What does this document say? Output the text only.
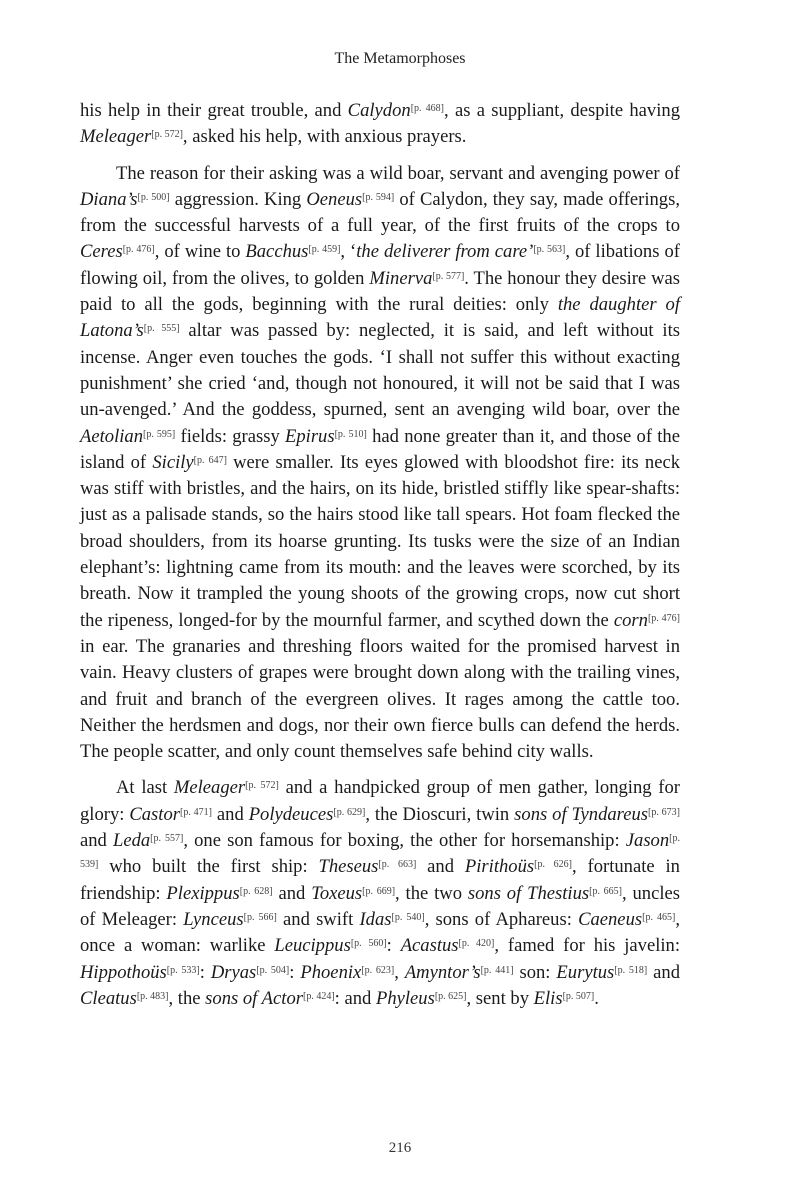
The Metamorphoses

his help in their great trouble, and Calydon[p. 468], as a suppliant, despite having Meleager[p. 572], asked his help, with anxious prayers.

The reason for their asking was a wild boar, servant and avenging power of Diana’s[p. 500] aggression. King Oeneus[p. 594] of Calydon, they say, made offerings, from the successful harvests of a full year, of the first fruits of the crops to Ceres[p. 476], of wine to Bacchus[p. 459], ‘the deliverer from care’[p. 563], of libations of flowing oil, from the olives, to golden Minerva[p. 577]. The honour they desire was paid to all the gods, beginning with the rural deities: only the daughter of Latona’s[p. 555] altar was passed by: neglected, it is said, and left without its incense. Anger even touches the gods. ‘I shall not suffer this without exacting punishment’ she cried ‘and, though not honoured, it will not be said that I was un-avenged.’ And the goddess, spurned, sent an avenging wild boar, over the Aetolian[p. 595] fields: grassy Epirus[p. 510] had none greater than it, and those of the island of Sicily[p. 647] were smaller. Its eyes glowed with bloodshot fire: its neck was stiff with bristles, and the hairs, on its hide, bristled stiffly like spear-shafts: just as a palisade stands, so the hairs stood like tall spears. Hot foam flecked the broad shoulders, from its hoarse grunting. Its tusks were the size of an Indian elephant’s: lightning came from its mouth: and the leaves were scorched, by its breath. Now it trampled the young shoots of the growing crops, now cut short the ripeness, longed-for by the mournful farmer, and scythed down the corn[p. 476] in ear. The granaries and threshing floors waited for the promised harvest in vain. Heavy clusters of grapes were brought down along with the trailing vines, and fruit and branch of the evergreen olives. It rages among the cattle too. Neither the herdsmen and dogs, nor their own fierce bulls can defend the herds. The people scatter, and only count themselves safe behind city walls.

At last Meleager[p. 572] and a handpicked group of men gather, longing for glory: Castor[p. 471] and Polydeuces[p. 629], the Dioscuri, twin sons of Tyndareus[p. 673] and Leda[p. 557], one son famous for boxing, the other for horsemanship: Jason[p. 539] who built the first ship: Theseus[p. 663] and Pirithoüs[p. 626], fortunate in friendship: Plexippus[p. 628] and Toxeus[p. 669], the two sons of Thestius[p. 665], uncles of Meleager: Lynceus[p. 566] and swift Idas[p. 540], sons of Aphareus: Caeneus[p. 465], once a woman: warlike Leucippus[p. 560]: Acastus[p. 420], famed for his javelin: Hippothoüs[p. 533]: Dryas[p. 504]: Phoenix[p. 623], Amyntor’s[p. 441] son: Eurytus[p. 518] and Cleatus[p. 483], the sons of Actor[p. 424]: and Phyleus[p. 625], sent by Elis[p. 507].

216
